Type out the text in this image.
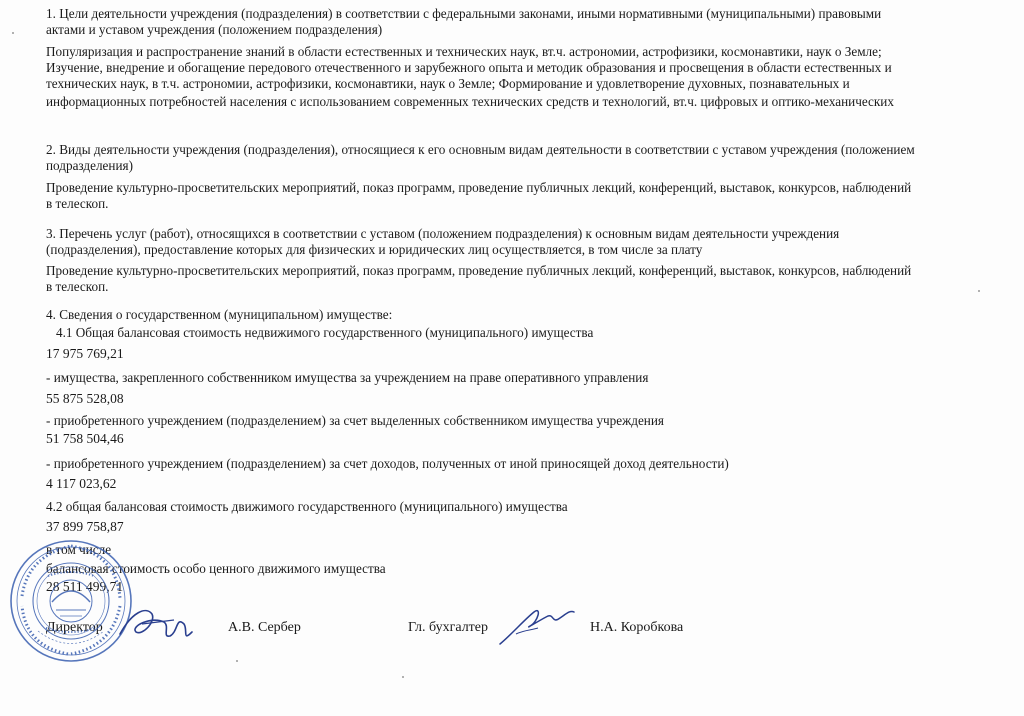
1. Цели деятельности учреждения (подразделения) в соответствии с федеральными законами, иными нормативными (муниципальными) правовыми
актами и уставом учреждения (положением подразделения)
Популяризация и распространение знаний в области естественных и технических наук, вт.ч. астрономии, астрофизики, космонавтики, наук о Земле;
Изучение, внедрение и обогащение передового отечественного и зарубежного опыта и методик образования и просвещения в области естественных и
технических наук, в т.ч. астрономии, астрофизики, космонавтики, наук о Земле; Формирование и удовлетворение духовных, познавательных и
информационных потребностей населения с использованием современных технических средств и технологий, вт.ч. цифровых и оптико-механических
2. Виды деятельности учреждения (подразделения), относящиеся к его основным видам деятельности в соответствии с уставом учреждения (положением
подразделения)
Проведение культурно-просветительских мероприятий, показ программ, проведение публичных лекций, конференций, выставок, конкурсов, наблюдений
в телескоп.
3. Перечень услуг (работ), относящихся в соответствии с уставом (положением подразделения) к основным видам деятельности учреждения
(подразделения), предоставление которых для физических и юридических лиц осуществляется, в том числе за плату
Проведение культурно-просветительских мероприятий, показ программ, проведение публичных лекций, конференций, выставок, конкурсов, наблюдений
в телескоп.
4. Сведения о государственном (муниципальном) имуществе:
4.1 Общая балансовая стоимость недвижимого государственного (муниципального) имущества
17 975 769,21
- имущества, закрепленного собственником имущества за учреждением на праве оперативного управления
55 875 528,08
- приобретенного учреждением (подразделением) за счет выделенных собственником имущества учреждения
51 758 504,46
- приобретенного учреждением (подразделением) за счет доходов, полученных от иной приносящей доход деятельности)
4 117 023,62
4.2 общая балансовая стоимость движимого государственного (муниципального) имущества
37 899 758,87
в том числе
балансовая стоимость особо ценного движимого имущества
28 511 499,71
Директор	А.В. Сербер	Гл. бухгалтер	Н.А. Коробкова
